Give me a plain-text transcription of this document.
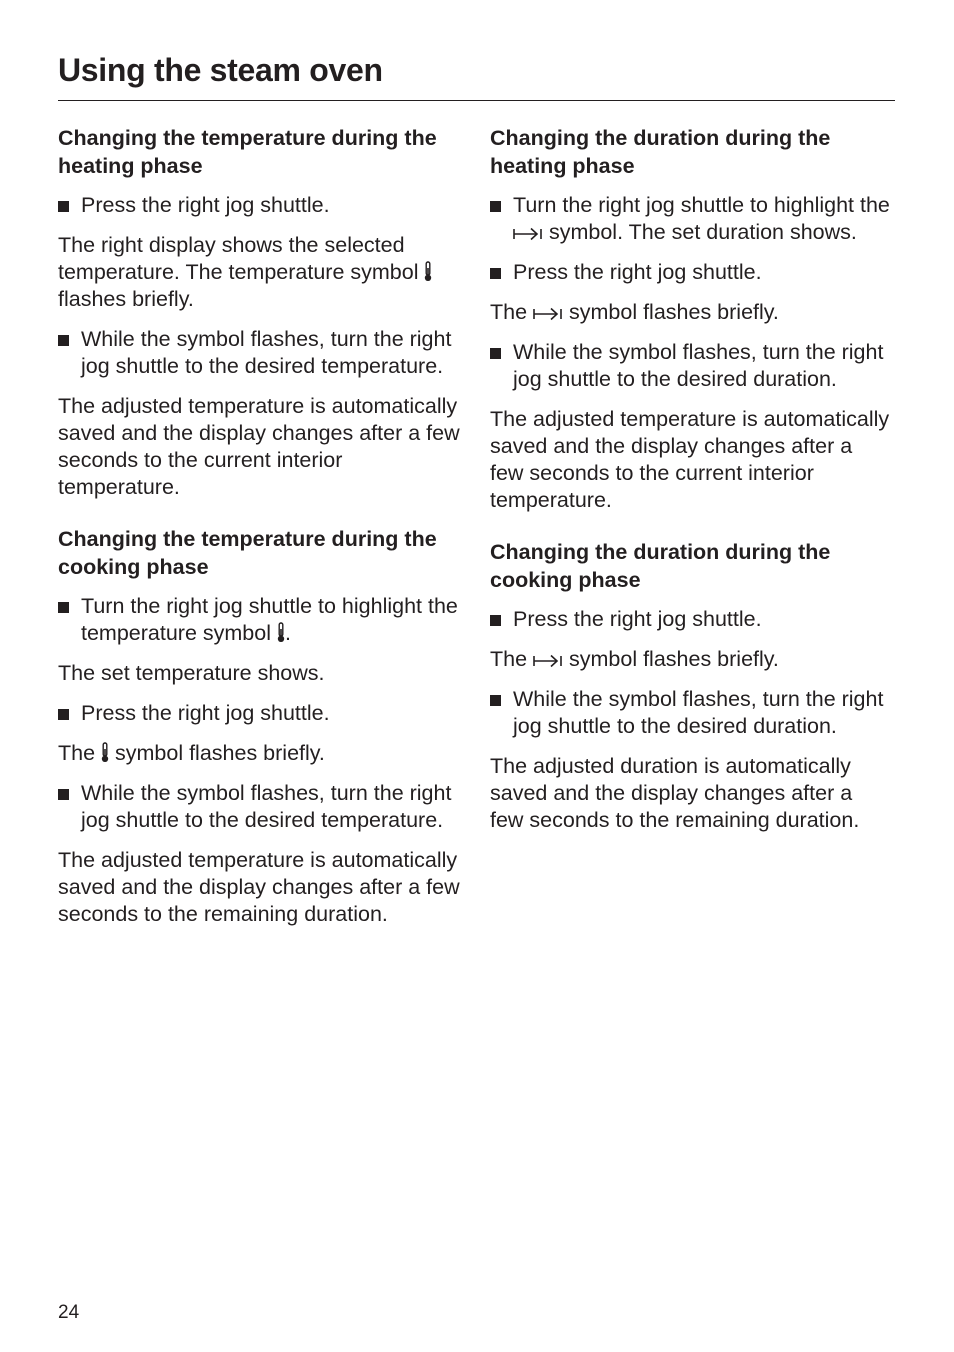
Using the steam oven
Changing the temperature during the heating phase
Press the right jog shuttle.

The right display shows the selected temperature. The temperature symbol  flashes briefly.

While the symbol flashes, turn the right jog shuttle to the desired temperature.

The adjusted temperature is automatically saved and the display changes after a few seconds to the current interior temperature.

Changing the temperature during the cooking phase
Turn the right jog shuttle to highlight the temperature symbol .

The set temperature shows.

Press the right jog shuttle.

The  symbol flashes briefly.

While the symbol flashes, turn the right jog shuttle to the desired temperature.

The adjusted temperature is automatically saved and the display changes after a few seconds to the remaining duration.

Changing the duration during the heating phase
Turn the right jog shuttle to highlight the  symbol. The set duration shows.
Press the right jog shuttle.

The  symbol flashes briefly.

While the symbol flashes, turn the right jog shuttle to the desired duration.

The adjusted temperature is automatically saved and the display changes after a few seconds to the current interior temperature.

Changing the duration during the cooking phase
Press the right jog shuttle.

The  symbol flashes briefly.

While the symbol flashes, turn the right jog shuttle to the desired duration.

The adjusted duration is automatically saved and the display changes after a few seconds to the remaining duration.

24
